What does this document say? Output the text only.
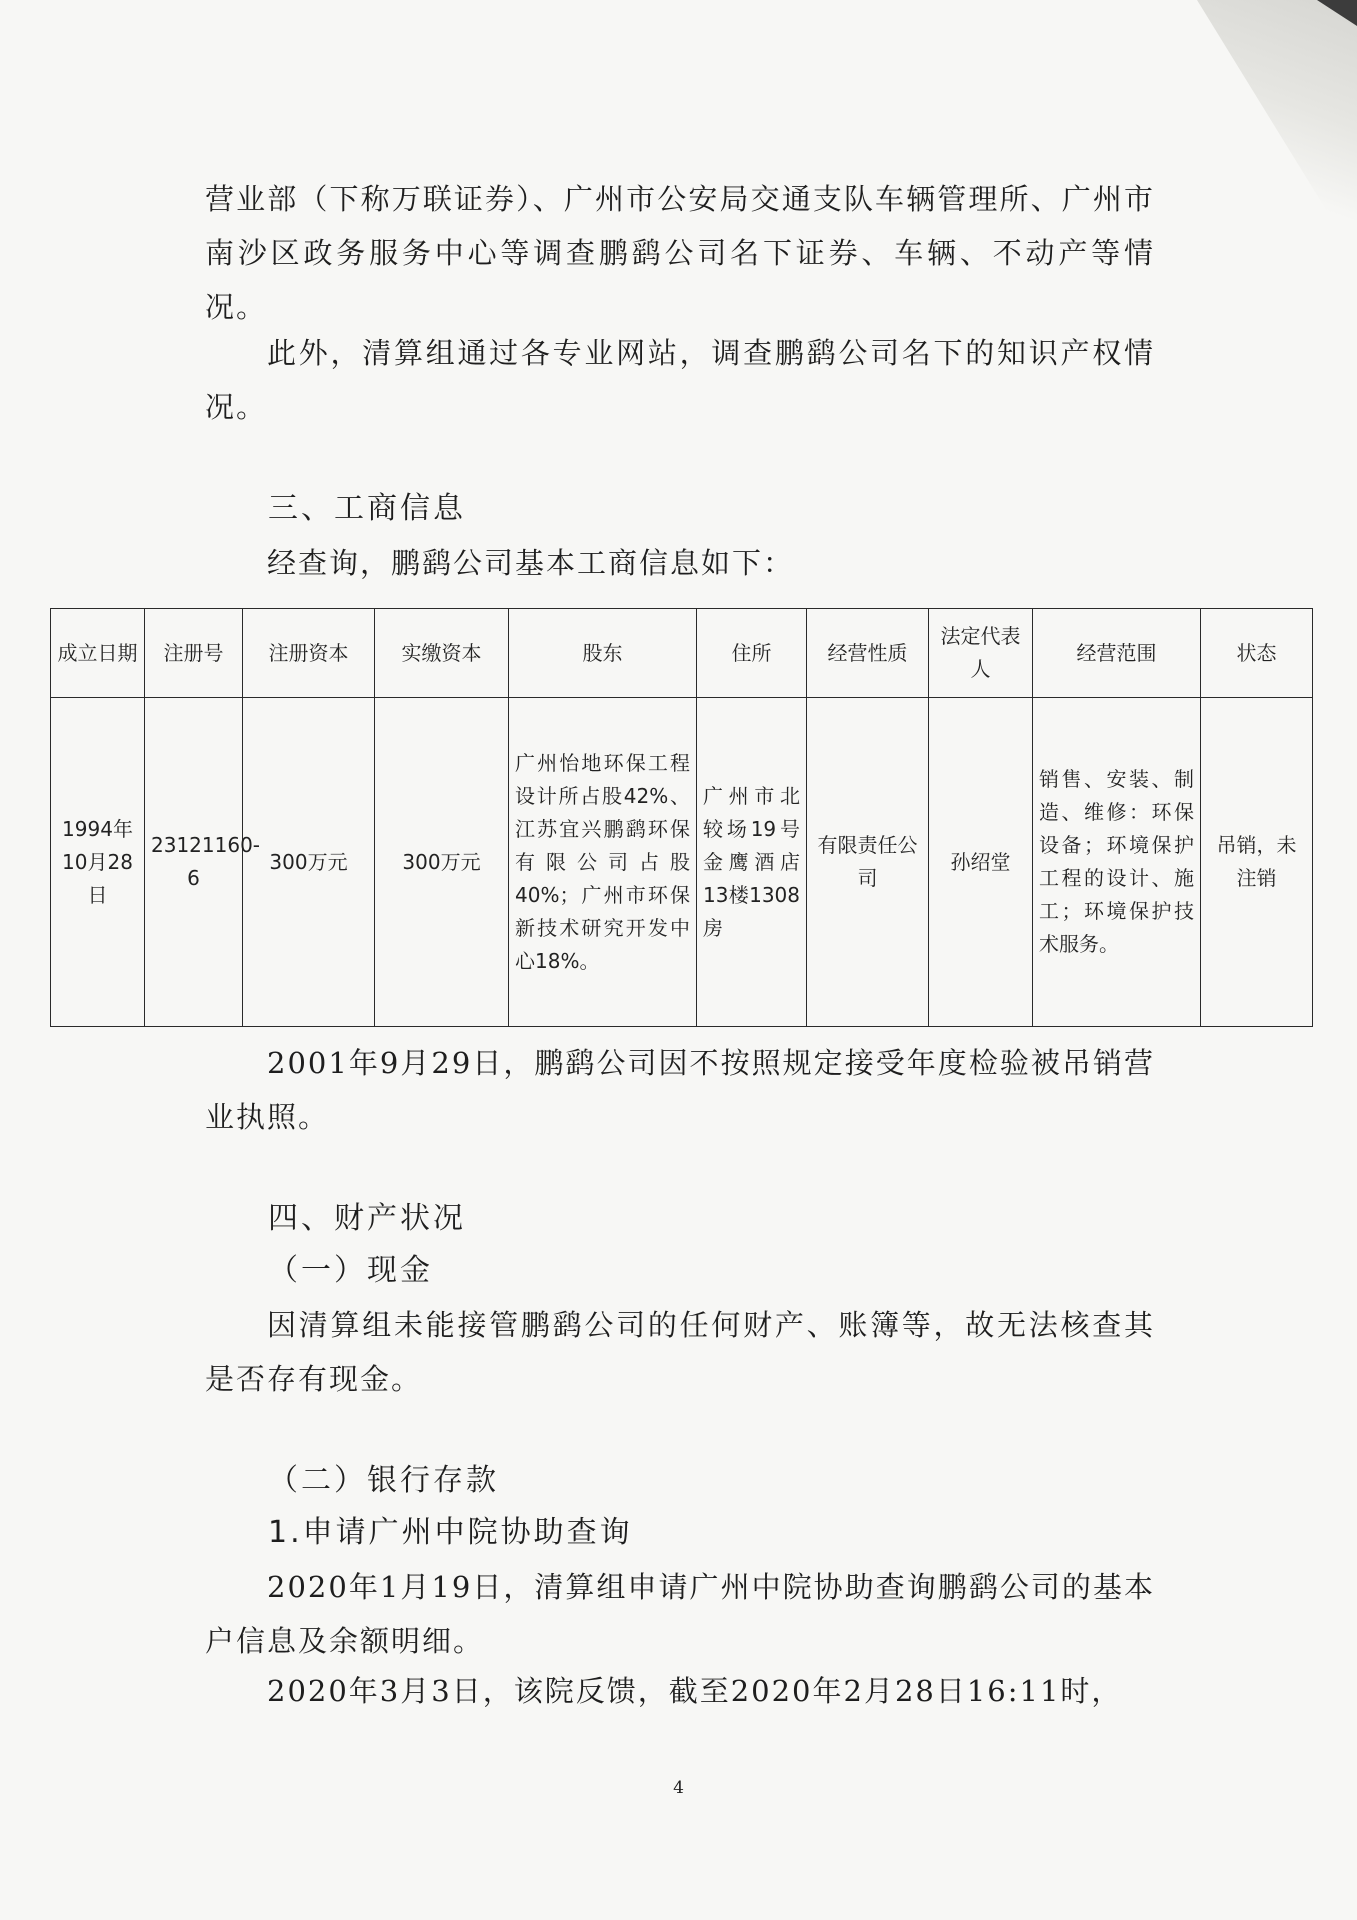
营业部（下称万联证券）、广州市公安局交通支队车辆管理所、广州市南沙区政务服务中心等调查鹏鹞公司名下证券、车辆、不动产等情况。

此外，清算组通过各专业网站，调查鹏鹞公司名下的知识产权情况。

三、工商信息

经查询，鹏鹞公司基本工商信息如下：

成立日期	注册号	注册资本	实缴资本	股东	住所	经营性质	法定代表人	经营范围	状态
1994年10月28日	23121160-6	300万元	300万元	广州怡地环保工程设计所占股42%、江苏宜兴鹏鹞环保有限公司占股40%；广州市环保新技术研究开发中心18%。	广州市北较场19号金鹰酒店13楼1308房	有限责任公司	孙绍堂	销售、安装、制造、维修：环保设备；环境保护工程的设计、施工；环境保护技术服务。	吊销，未注销

2001年9月29日，鹏鹞公司因不按照规定接受年度检验被吊销营业执照。

四、财产状况
（一）现金

因清算组未能接管鹏鹞公司的任何财产、账簿等，故无法核查其是否存有现金。

（二）银行存款
1.申请广州中院协助查询

2020年1月19日，清算组申请广州中院协助查询鹏鹞公司的基本户信息及余额明细。

2020年3月3日，该院反馈，截至2020年2月28日16:11时，

4
